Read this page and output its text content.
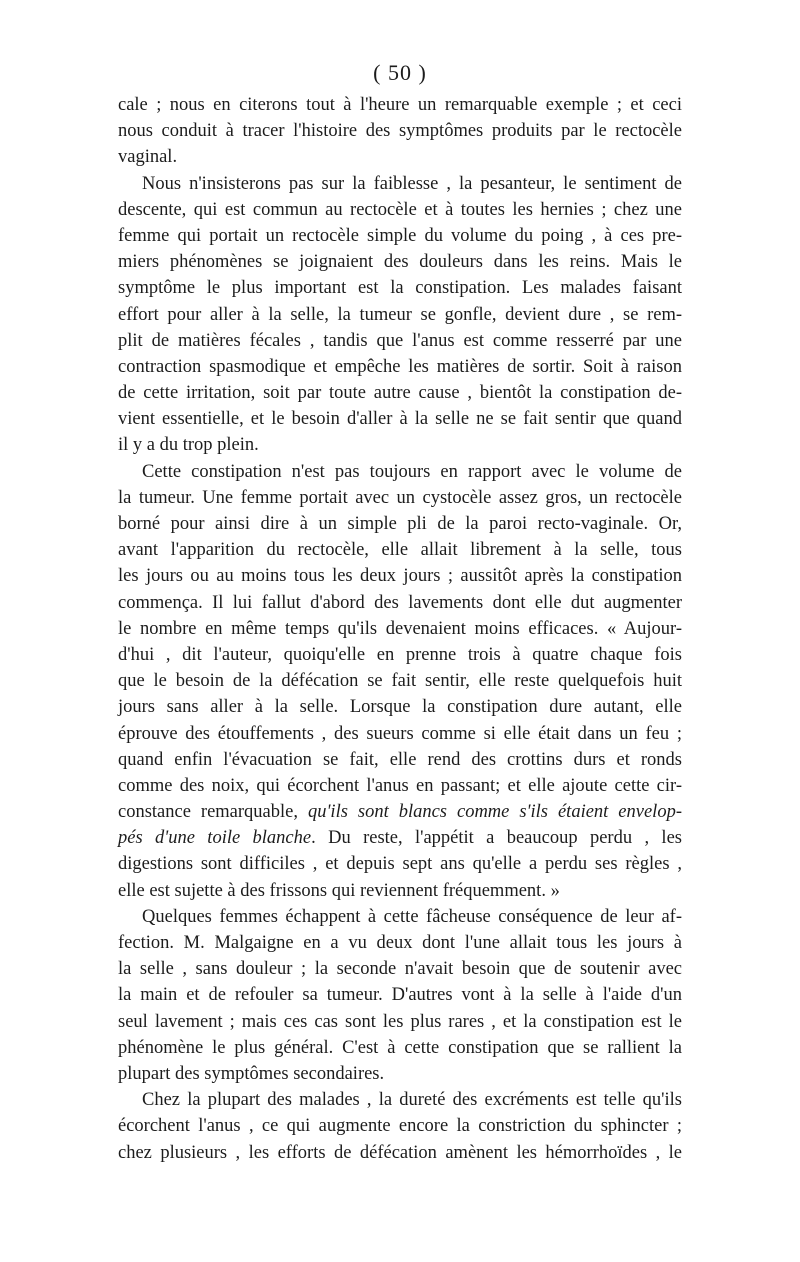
( 50 )
cale ; nous en citerons tout à l'heure un remarquable exemple ; et ceci
nous conduit à tracer l'histoire des symptômes produits par le rectocèle
vaginal.
Nous n'insisterons pas sur la faiblesse , la pesanteur, le sentiment de
descente, qui est commun au rectocèle et à toutes les hernies ; chez une
femme qui portait un rectocèle simple du volume du poing , à ces pre-
miers phénomènes se joignaient des douleurs dans les reins. Mais le
symptôme le plus important est la constipation. Les malades faisant
effort pour aller à la selle, la tumeur se gonfle, devient dure , se rem-
plit de matières fécales , tandis que l'anus est comme resserré par une
contraction spasmodique et empêche les matières de sortir. Soit à raison
de cette irritation, soit par toute autre cause , bientôt la constipation de-
vient essentielle, et le besoin d'aller à la selle ne se fait sentir que quand
il y a du trop plein.
Cette constipation n'est pas toujours en rapport avec le volume de
la tumeur. Une femme portait avec un cystocèle assez gros, un rectocèle
borné pour ainsi dire à un simple pli de la paroi recto-vaginale. Or,
avant l'apparition du rectocèle, elle allait librement à la selle, tous
les jours ou au moins tous les deux jours ; aussitôt après la constipation
commença. Il lui fallut d'abord des lavements dont elle dut augmenter
le nombre en même temps qu'ils devenaient moins efficaces. « Aujour-
d'hui , dit l'auteur, quoiqu'elle en prenne trois à quatre chaque fois
que le besoin de la défécation se fait sentir, elle reste quelquefois huit
jours sans aller à la selle. Lorsque la constipation dure autant, elle
éprouve des étouffements , des sueurs comme si elle était dans un feu ;
quand enfin l'évacuation se fait, elle rend des crottins durs et ronds
comme des noix, qui écorchent l'anus en passant; et elle ajoute cette cir-
constance remarquable, qu'ils sont blancs comme s'ils étaient envelop-
pés d'une toile blanche. Du reste, l'appétit a beaucoup perdu , les
digestions sont difficiles , et depuis sept ans qu'elle a perdu ses règles ,
elle est sujette à des frissons qui reviennent fréquemment. »
Quelques femmes échappent à cette fâcheuse conséquence de leur af-
fection. M. Malgaigne en a vu deux dont l'une allait tous les jours à
la selle , sans douleur ; la seconde n'avait besoin que de soutenir avec
la main et de refouler sa tumeur. D'autres vont à la selle à l'aide d'un
seul lavement ; mais ces cas sont les plus rares , et la constipation est le
phénomène le plus général. C'est à cette constipation que se rallient la
plupart des symptômes secondaires.
Chez la plupart des malades , la dureté des excréments est telle qu'ils
écorchent l'anus , ce qui augmente encore la constriction du sphincter ;
chez plusieurs , les efforts de défécation amènent les hémorrhoïdes , le
